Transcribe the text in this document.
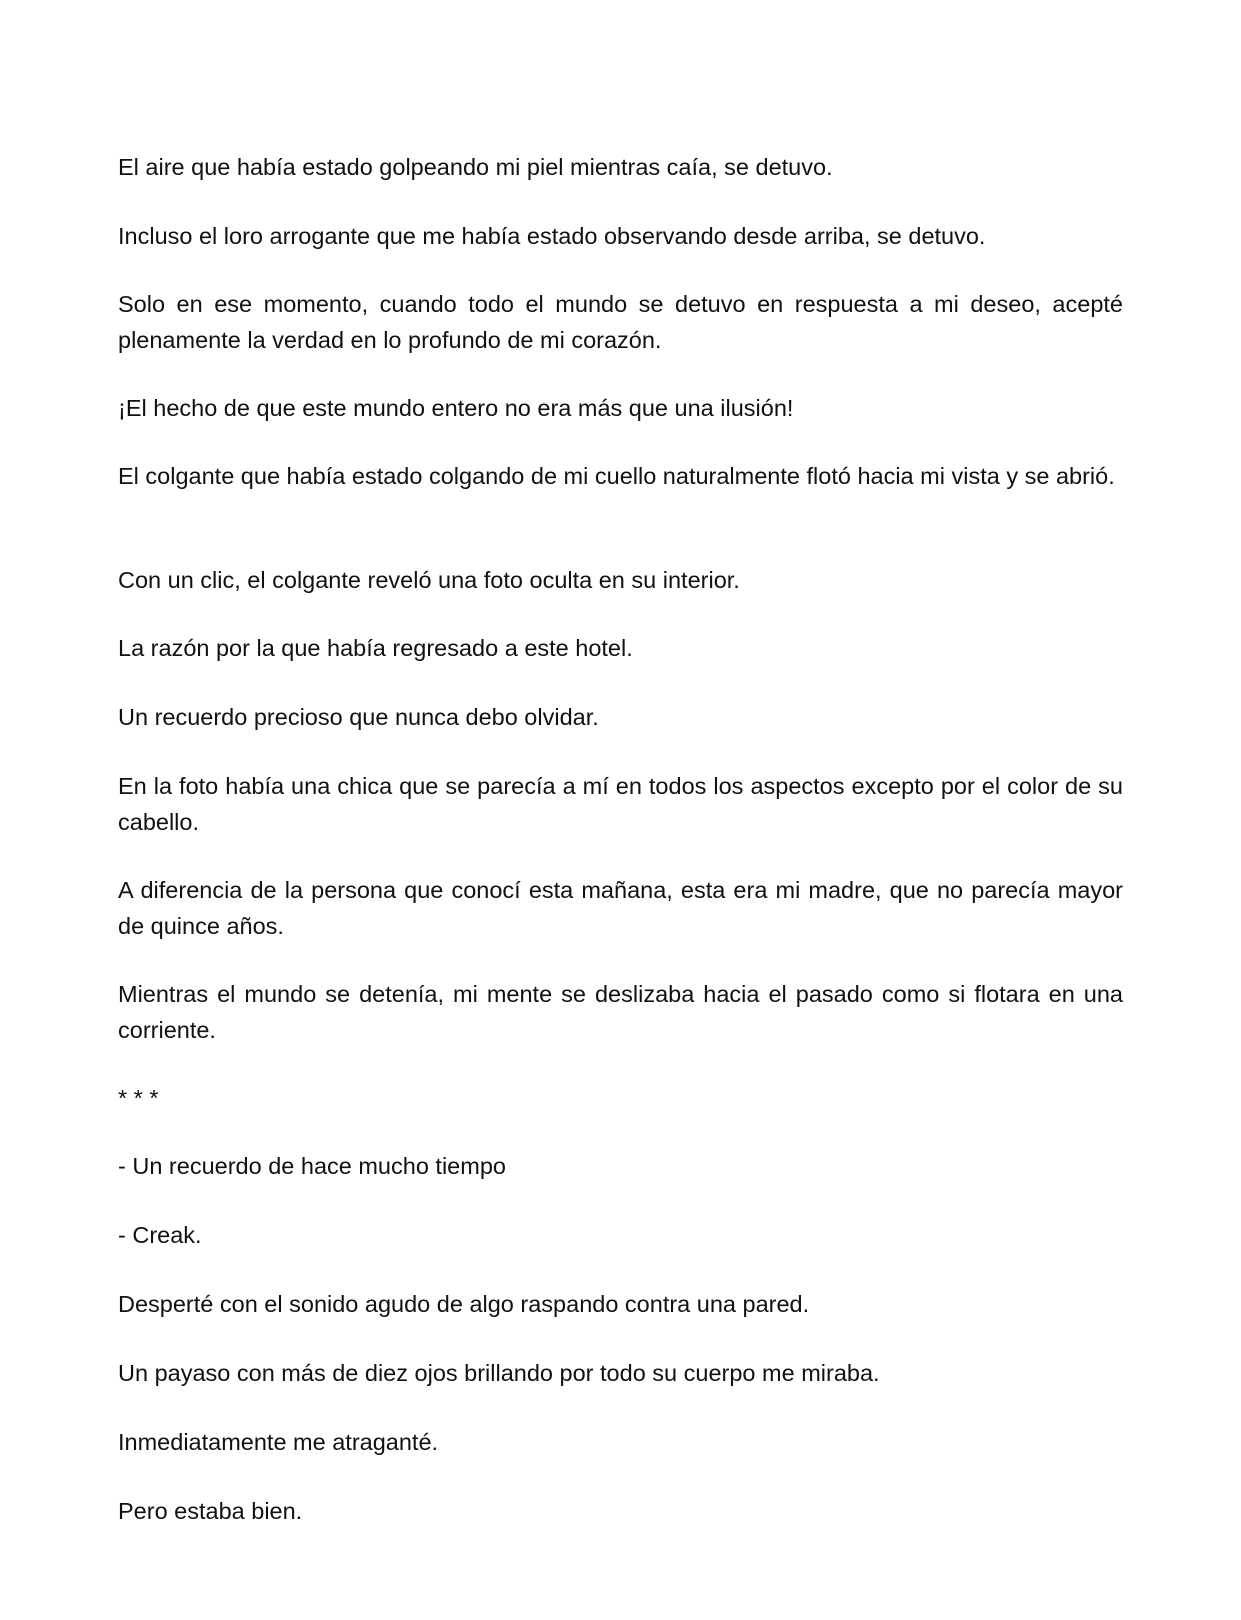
El aire que había estado golpeando mi piel mientras caía, se detuvo.

Incluso el loro arrogante que me había estado observando desde arriba, se detuvo.

Solo en ese momento, cuando todo el mundo se detuvo en respuesta a mi deseo, acepté plenamente la verdad en lo profundo de mi corazón.

¡El hecho de que este mundo entero no era más que una ilusión!

El colgante que había estado colgando de mi cuello naturalmente flotó hacia mi vista y se abrió.

Con un clic, el colgante reveló una foto oculta en su interior.

La razón por la que había regresado a este hotel.

Un recuerdo precioso que nunca debo olvidar.

En la foto había una chica que se parecía a mí en todos los aspectos excepto por el color de su cabello.

A diferencia de la persona que conocí esta mañana, esta era mi madre, que no parecía mayor de quince años.

Mientras el mundo se detenía, mi mente se deslizaba hacia el pasado como si flotara en una corriente.

* * *

- Un recuerdo de hace mucho tiempo

- Creak.

Desperté con el sonido agudo de algo raspando contra una pared.

Un payaso con más de diez ojos brillando por todo su cuerpo me miraba.

Inmediatamente me atraganté.

Pero estaba bien.
